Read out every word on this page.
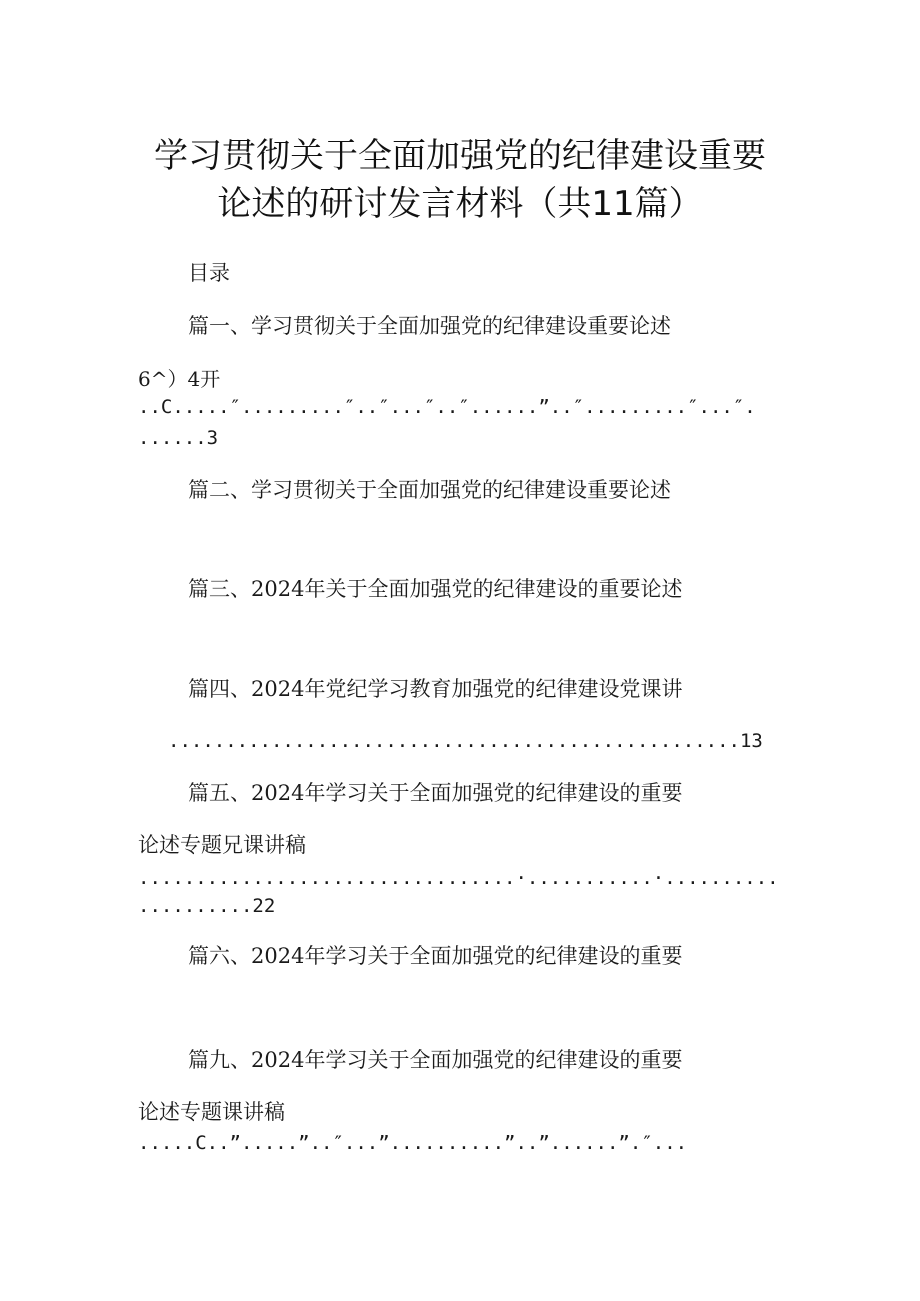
学习贯彻关于全面加强党的纪律建设重要
论述的研讨发言材料（共11篇）
目录
篇一、学习贯彻关于全面加强党的纪律建设重要论述
6^）4开
..C.....″.........″..″...″..″......”..″.........″...″.
......3
篇二、学习贯彻关于全面加强党的纪律建设重要论述
篇三、2024年关于全面加强党的纪律建设的重要论述
篇四、2024年党纪学习教育加强党的纪律建设党课讲
..................................................13
篇五、2024年学习关于全面加强党的纪律建设的重要
论述专题兄课讲稿
.................................·...........·..........
..........22
篇六、2024年学习关于全面加强党的纪律建设的重要
篇九、2024年学习关于全面加强党的纪律建设的重要
论述专题课讲稿
.....C..”.....”..″...”..........”..”......”.″...
